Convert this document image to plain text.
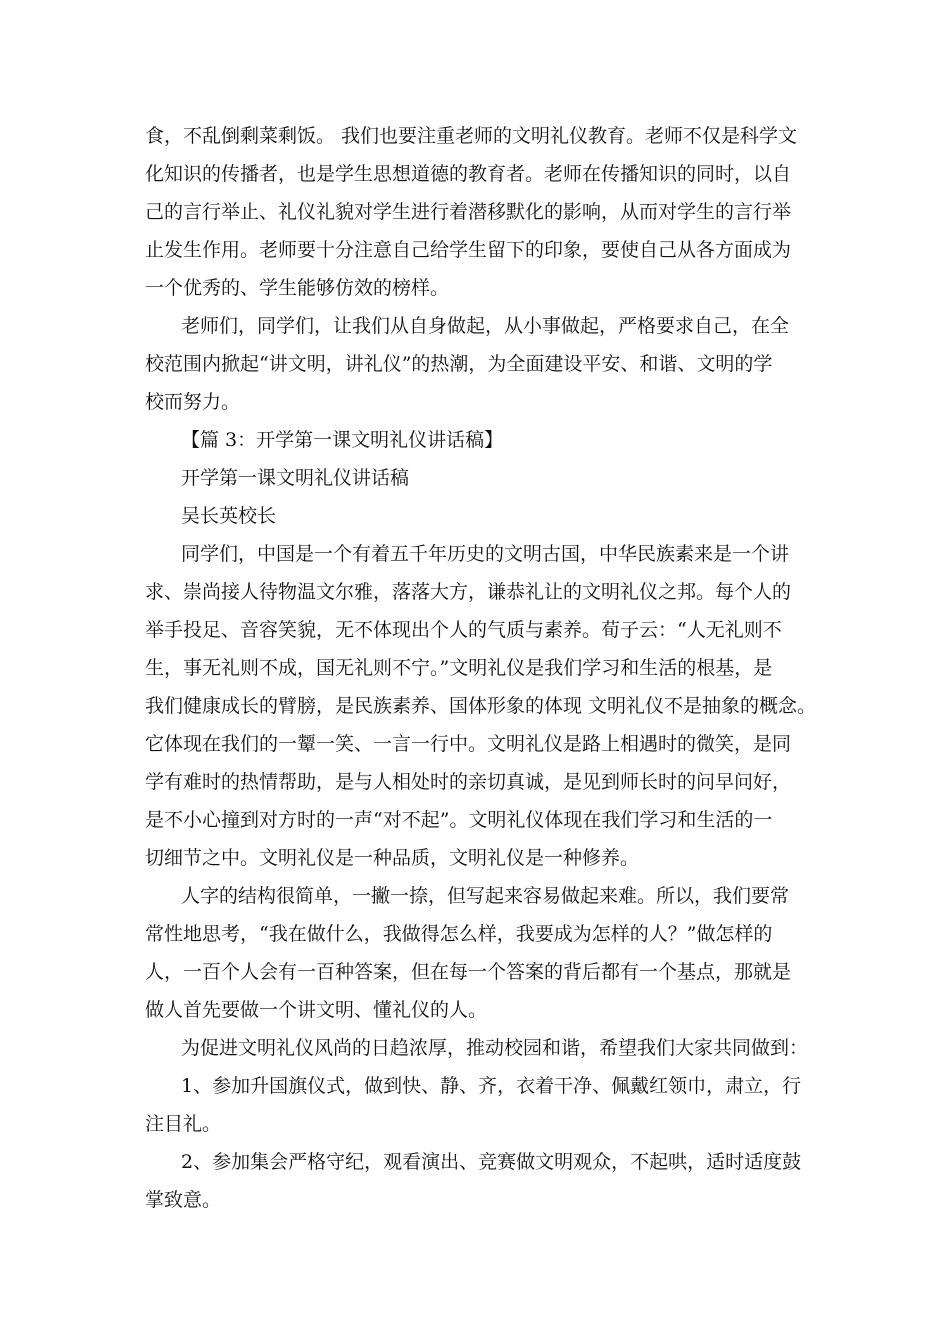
食，不乱倒剩菜剩饭。 我们也要注重老师的文明礼仪教育。老师不仅是科学文
化知识的传播者，也是学生思想道德的教育者。老师在传播知识的同时，以自
己的言行举止、礼仪礼貌对学生进行着潜移默化的影响，从而对学生的言行举
止发生作用。老师要十分注意自己给学生留下的印象，要使自己从各方面成为
一个优秀的、学生能够仿效的榜样。
老师们，同学们，让我们从自身做起，从小事做起，严格要求自己，在全
校范围内掀起“讲文明，讲礼仪”的热潮，为全面建设平安、和谐、文明的学
校而努力。
【篇 3：开学第一课文明礼仪讲话稿】
开学第一课文明礼仪讲话稿
吴长英校长
同学们，中国是一个有着五千年历史的文明古国，中华民族素来是一个讲
求、崇尚接人待物温文尔雅，落落大方，谦恭礼让的文明礼仪之邦。每个人的
举手投足、音容笑貌，无不体现出个人的气质与素养。荀子云：“人无礼则不
生，事无礼则不成，国无礼则不宁。”文明礼仪是我们学习和生活的根基，是
我们健康成长的臂膀，是民族素养、国体形象的体现 文明礼仪不是抽象的概念。
它体现在我们的一颦一笑、一言一行中。文明礼仪是路上相遇时的微笑，是同
学有难时的热情帮助，是与人相处时的亲切真诚，是见到师长时的问早问好，
是不小心撞到对方时的一声“对不起”。文明礼仪体现在我们学习和生活的一
切细节之中。文明礼仪是一种品质，文明礼仪是一种修养。
人字的结构很简单，一撇一捺，但写起来容易做起来难。所以，我们要常
常性地思考，“我在做什么，我做得怎么样，我要成为怎样的人？”做怎样的
人，一百个人会有一百种答案，但在每一个答案的背后都有一个基点，那就是
做人首先要做一个讲文明、懂礼仪的人。
为促进文明礼仪风尚的日趋浓厚，推动校园和谐，希望我们大家共同做到：
1、参加升国旗仪式，做到快、静、齐，衣着干净、佩戴红领巾，肃立，行
注目礼。
2、参加集会严格守纪，观看演出、竞赛做文明观众，不起哄，适时适度鼓
掌致意。
